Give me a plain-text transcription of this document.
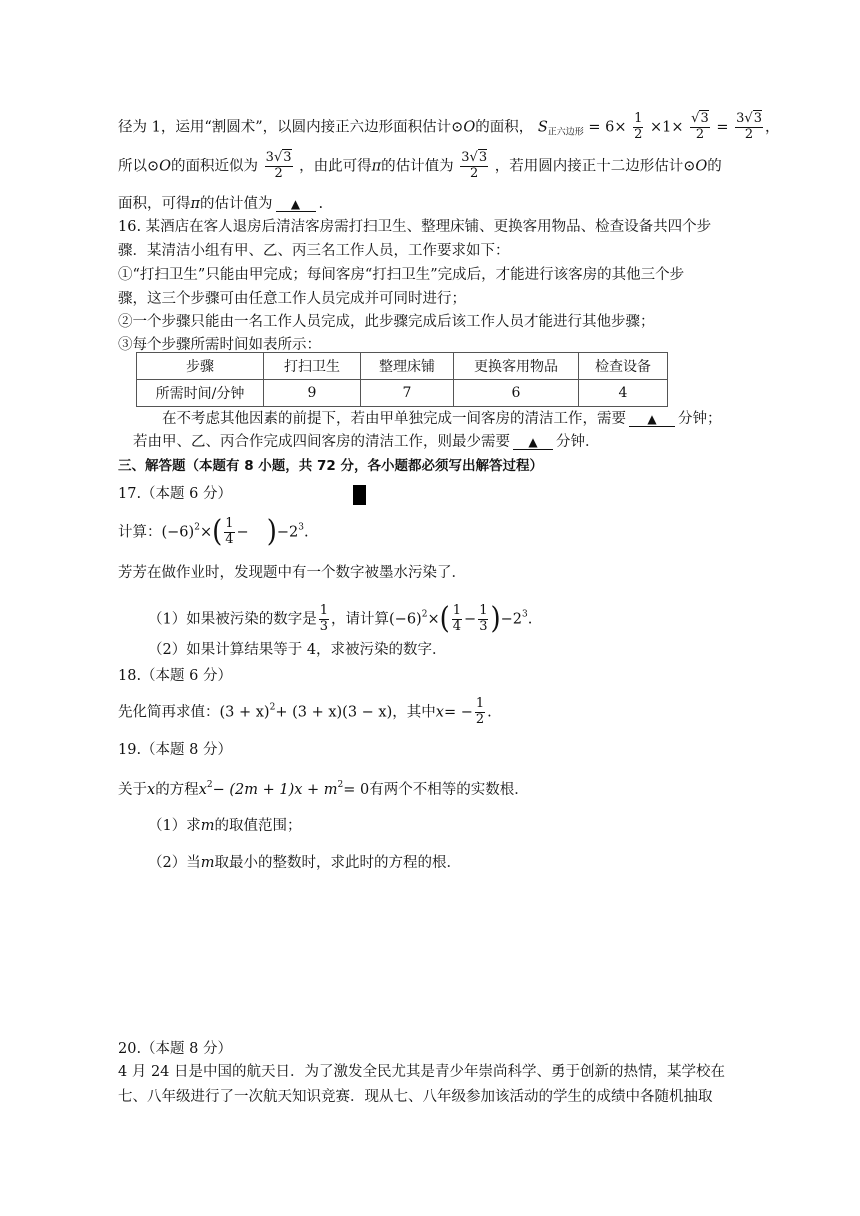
径为 1，运用“割圆术”，以圆内接正六边形面积估计⊙O的面积， $S_{正六边形} = 6\times \frac{1}{2} \times 1\times \frac{√3}{2} = \frac{3√3}{2}$ ，
所以⊙O的面积近似为 $\frac{3√3}{2}$ ，由此可得π的估计值为 $\frac{3√3}{2}$ ，若用圆内接正十二边形估计⊙O的
面积，可得π的估计值为 ▲ .
16. 某酒店在客人退房后清洁客房需打扫卫生、整理床铺、更换客用物品、检查设备共四个步
骤．某清洁小组有甲、乙、丙三名工作人员，工作要求如下：
①“打扫卫生”只能由甲完成；每间客房“打扫卫生”完成后，才能进行该客房的其他三个步
骤，这三个步骤可由任意工作人员完成并可同时进行；
②一个步骤只能由一名工作人员完成，此步骤完成后该工作人员才能进行其他步骤；
③每个步骤所需时间如表所示：
步骤	打扫卫生	整理床铺	更换客用物品	检查设备
所需时间/分钟	9	7	6	4
在不考虑其他因素的前提下，若由甲单独完成一间客房的清洁工作，需要 ▲ 分钟；
若由甲、乙、丙合作完成四间客房的清洁工作，则最少需要 ▲ 分钟．
三、解答题（本题有 8 小题，共 72 分，各小题都必须写出解答过程）
17.（本题 6 分）
计算：$(-6)^2\times( \frac{1}{4} - )-2^3$.
芳芳在做作业时，发现题中有一个数字被墨水污染了．
（1）如果被污染的数字是 $\frac{1}{3}$ ，请计算$(-6)^2\times( \frac{1}{4} - \frac{1}{3} )-2^3$.
（2）如果计算结果等于 4，求被污染的数字．
18.（本题 6 分）
先化简再求值：$(3 + x)^2+ (3 + x)(3 - x)$，其中$x= - \frac{1}{2}$ .
19.（本题 8 分）
关于x的方程$x^2- (2m + 1)x + m^2= 0$有两个不相等的实数根．
（1）求m的取值范围；
（2）当m取最小的整数时，求此时的方程的根．
20.（本题 8 分）
4 月 24 日是中国的航天日．为了激发全民尤其是青少年崇尚科学、勇于创新的热情，某学校在
七、八年级进行了一次航天知识竞赛．现从七、八年级参加该活动的学生的成绩中各随机抽取
